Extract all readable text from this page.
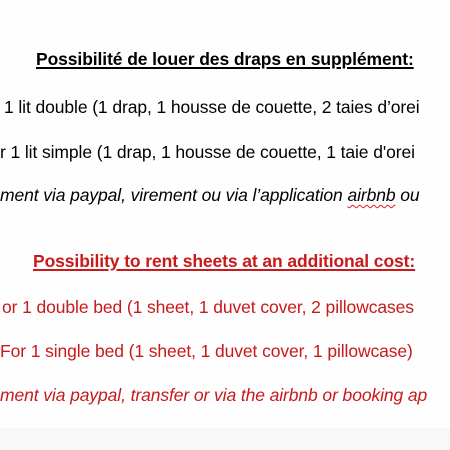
Possibilité de louer des draps en supplément:
1 lit double (1 drap, 1 housse de couette, 2 taies d’orei
r 1 lit simple (1 drap, 1 housse de couette, 1 taie d'orei
ment via paypal, virement ou via l’application airbnb ou
Possibility to rent sheets at an additional cost:
or 1 double bed (1 sheet, 1 duvet cover, 2 pillowcases
For 1 single bed (1 sheet, 1 duvet cover, 1 pillowcase)
ment via paypal, transfer or via the airbnb or booking ap
